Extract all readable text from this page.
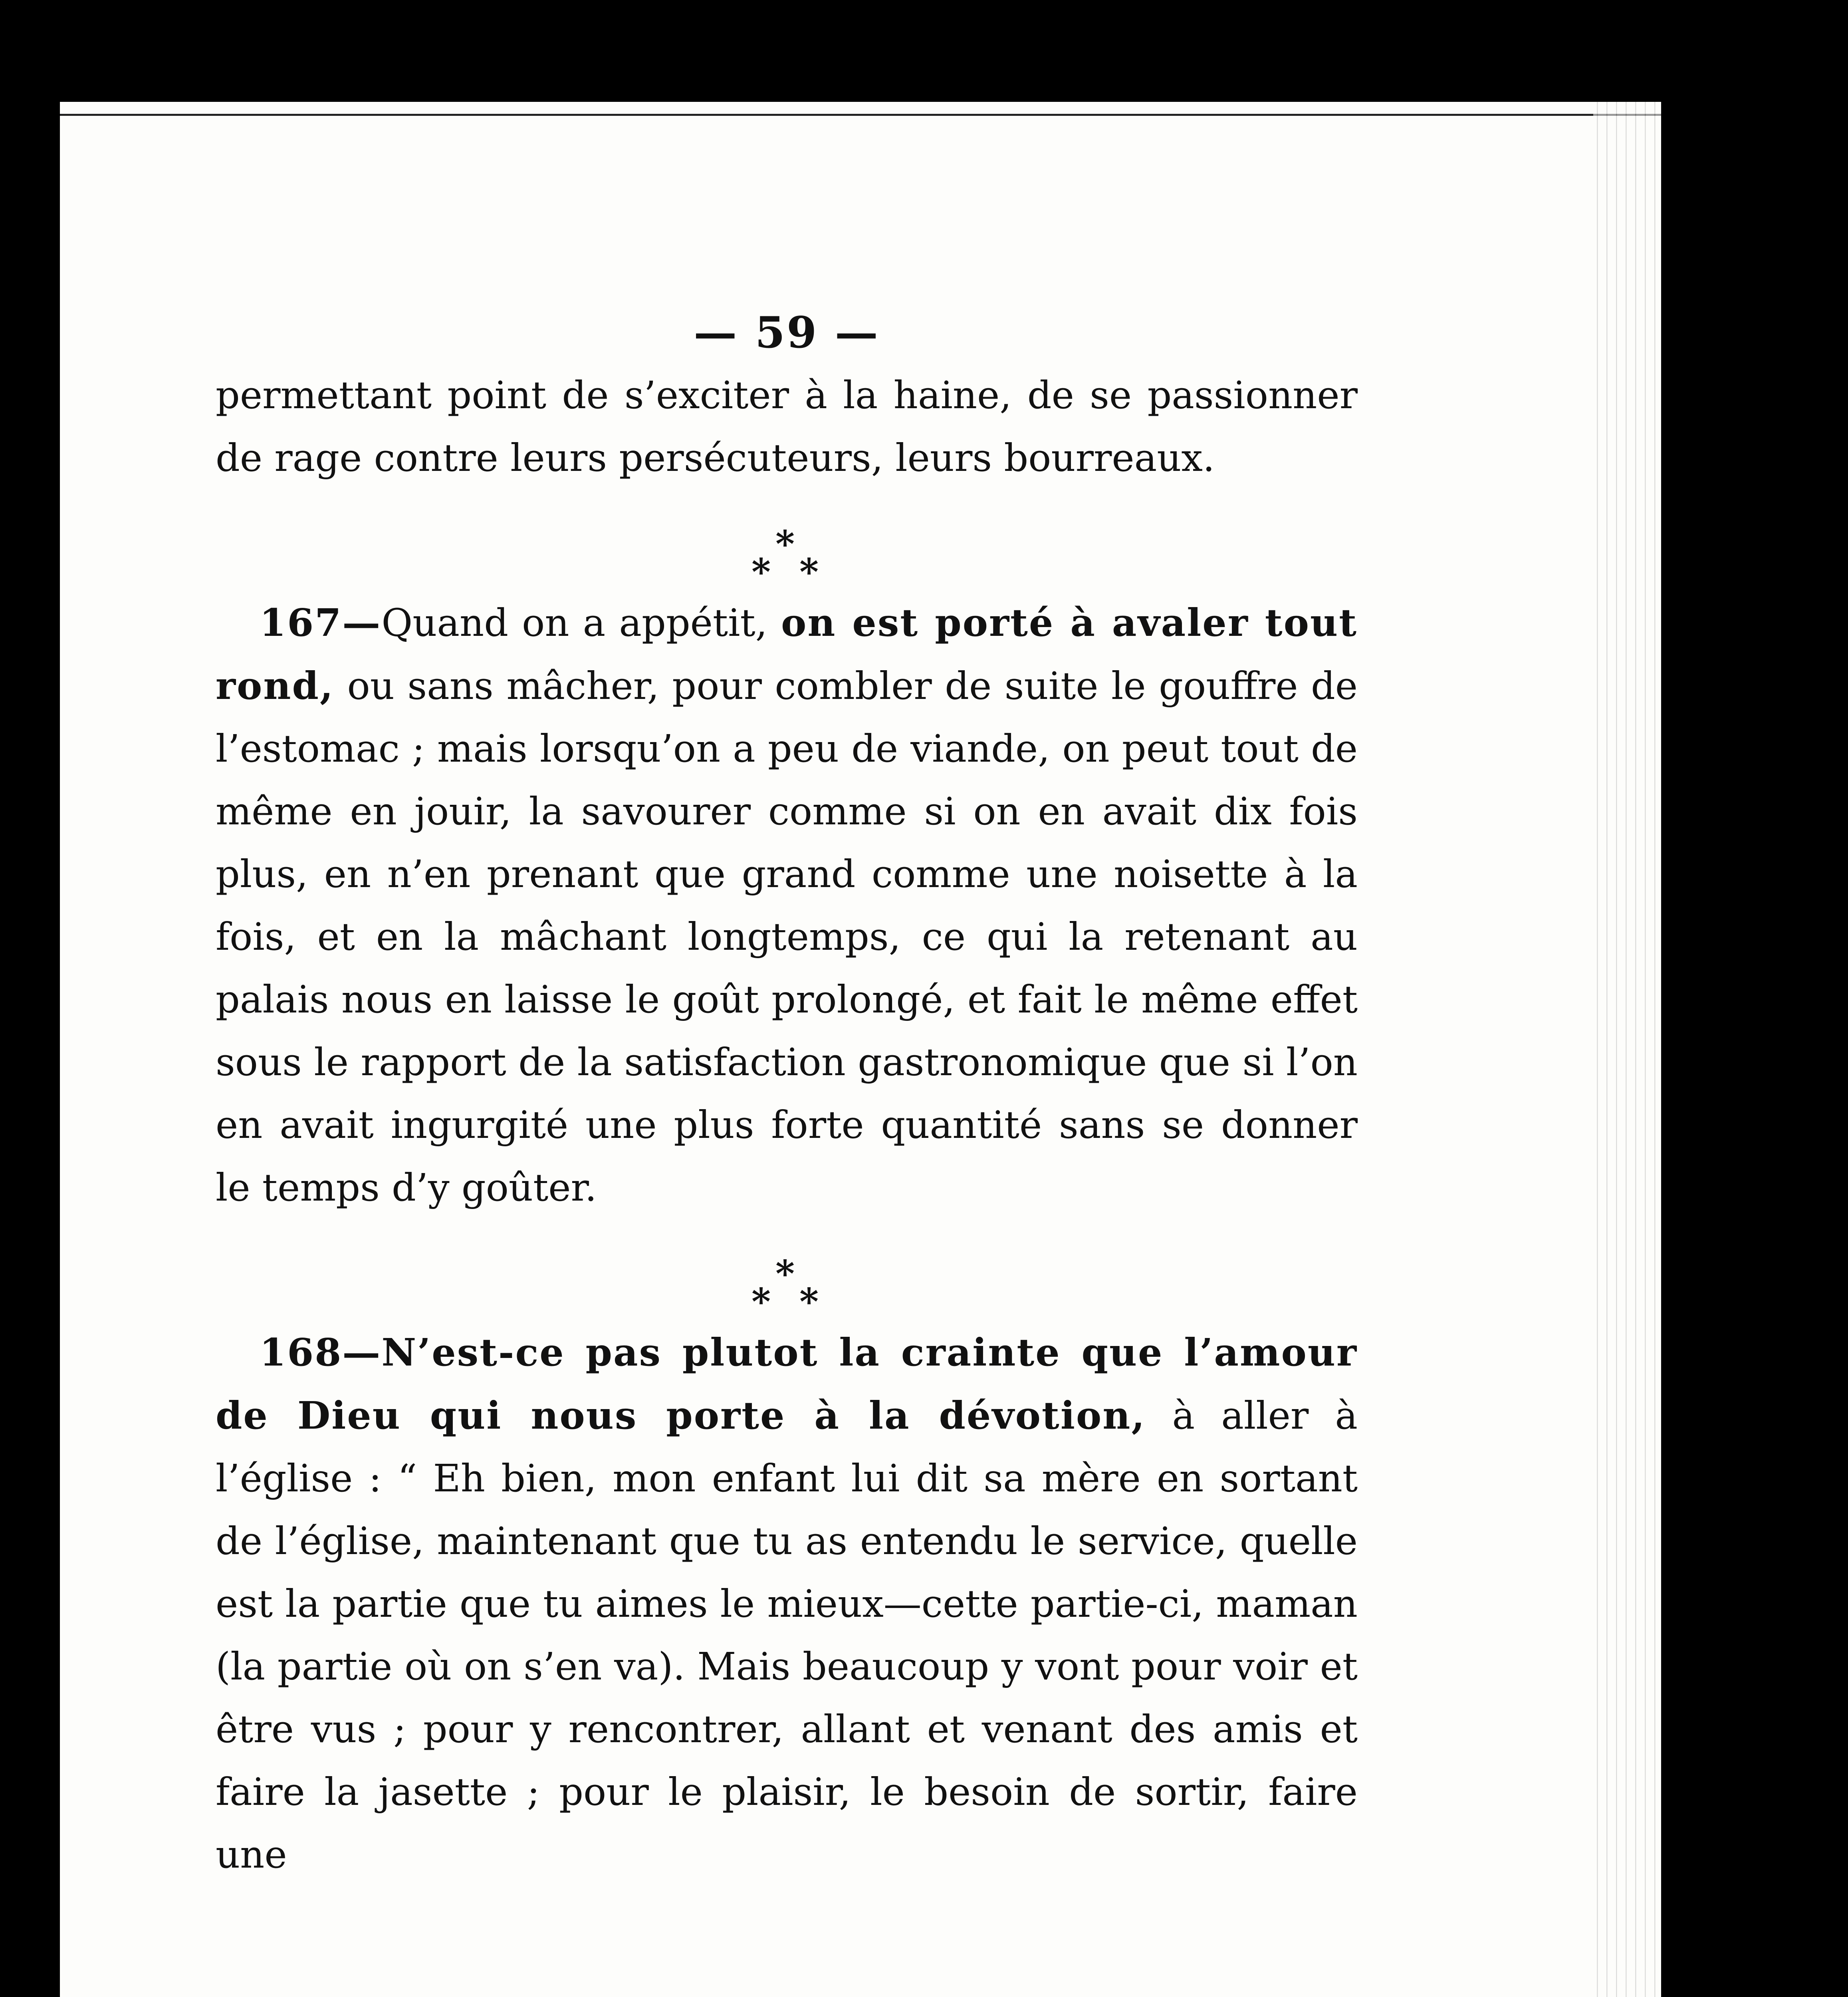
— 59 —

permettant point de s’exciter à la haine, de se passionner de rage contre leurs persécuteurs, leurs bourreaux.

*
* *

167—Quand on a appétit, on est porté à avaler tout rond, ou sans mâcher, pour combler de suite le gouffre de l’estomac ; mais lorsqu’on a peu de viande, on peut tout de même en jouir, la savourer comme si on en avait dix fois plus, en n’en prenant que grand comme une noisette à la fois, et en la mâchant longtemps, ce qui la retenant au palais nous en laisse le goût prolongé, et fait le même effet sous le rapport de la satisfaction gastronomique que si l’on en avait ingurgité une plus forte quantité sans se donner le temps d’y goûter.

*
* *

168—N’est-ce pas plutot la crainte que l’amour de Dieu qui nous porte à la dévotion, à aller à l’église : “ Eh bien, mon enfant lui dit sa mère en sortant de l’église, maintenant que tu as entendu le service, quelle est la partie que tu aimes le mieux—cette partie-ci, maman (la partie où on s’en va). Mais beaucoup y vont pour voir et être vus ; pour y rencontrer, allant et venant des amis et faire la jasette ; pour le plaisir, le besoin de sortir, faire une
